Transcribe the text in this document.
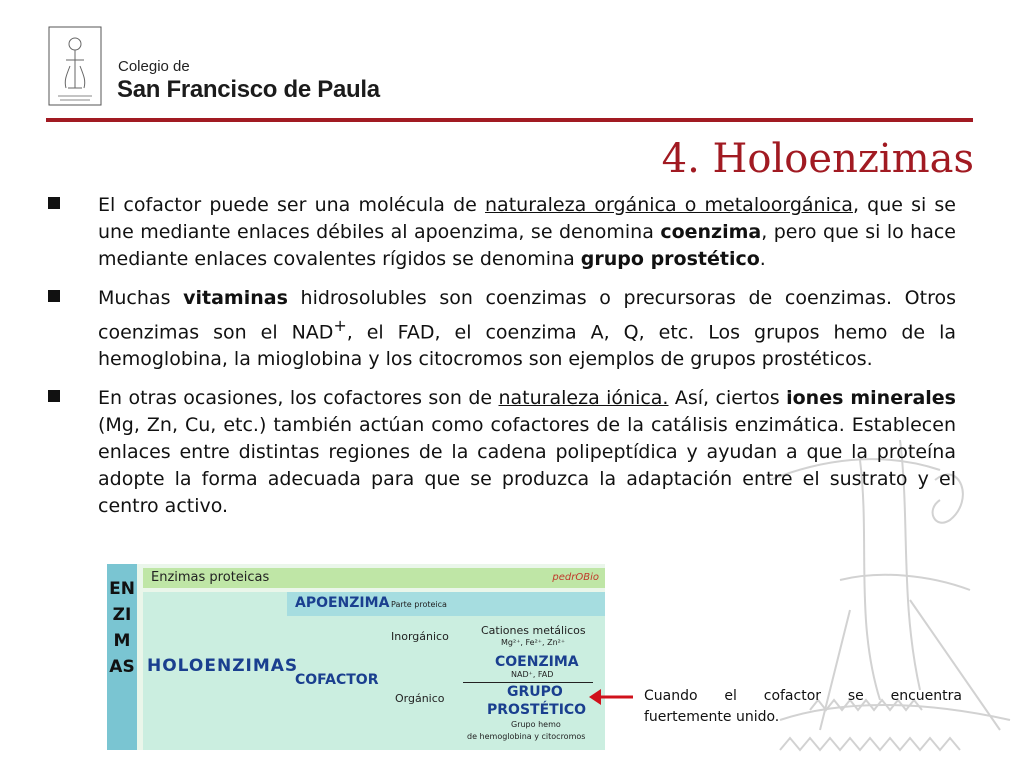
Colegio de
San Francisco de Paula
4. Holoenzimas
El cofactor puede ser una molécula de naturaleza orgánica o metaloorgánica, que si se une mediante enlaces débiles al apoenzima, se denomina coenzima, pero que si lo hace mediante enlaces covalentes rígidos se denomina grupo prostético.
Muchas vitaminas hidrosolubles son coenzimas o precursoras de coenzimas. Otros coenzimas son el NAD+, el FAD, el coenzima A, Q, etc. Los grupos hemo de la hemoglobina, la mioglobina y los citocromos son ejemplos de grupos prostéticos.
En otras ocasiones, los cofactores son de naturaleza iónica. Así, ciertos iones minerales (Mg, Zn, Cu, etc.) también actúan como cofactores de la catálisis enzimática. Establecen enlaces entre distintas regiones de la cadena polipeptídica y ayudan a que la proteína adopte la forma adecuada para que se produzca la adaptación entre el sustrato y el centro activo.
ENZIMAS
Enzimas proteicas	pedrOBio
HOLOENZIMAS
APOENZIMA Parte proteica
COFACTOR
Inorgánico
Orgánico
Cationes metálicos
Mg²⁺, Fe²⁺, Zn²⁺
COENZIMA
NAD⁺, FAD
GRUPO
PROSTÉTICO
Grupo hemo
de hemoglobina y citocromos
Cuando el cofactor se encuentra fuertemente unido.
